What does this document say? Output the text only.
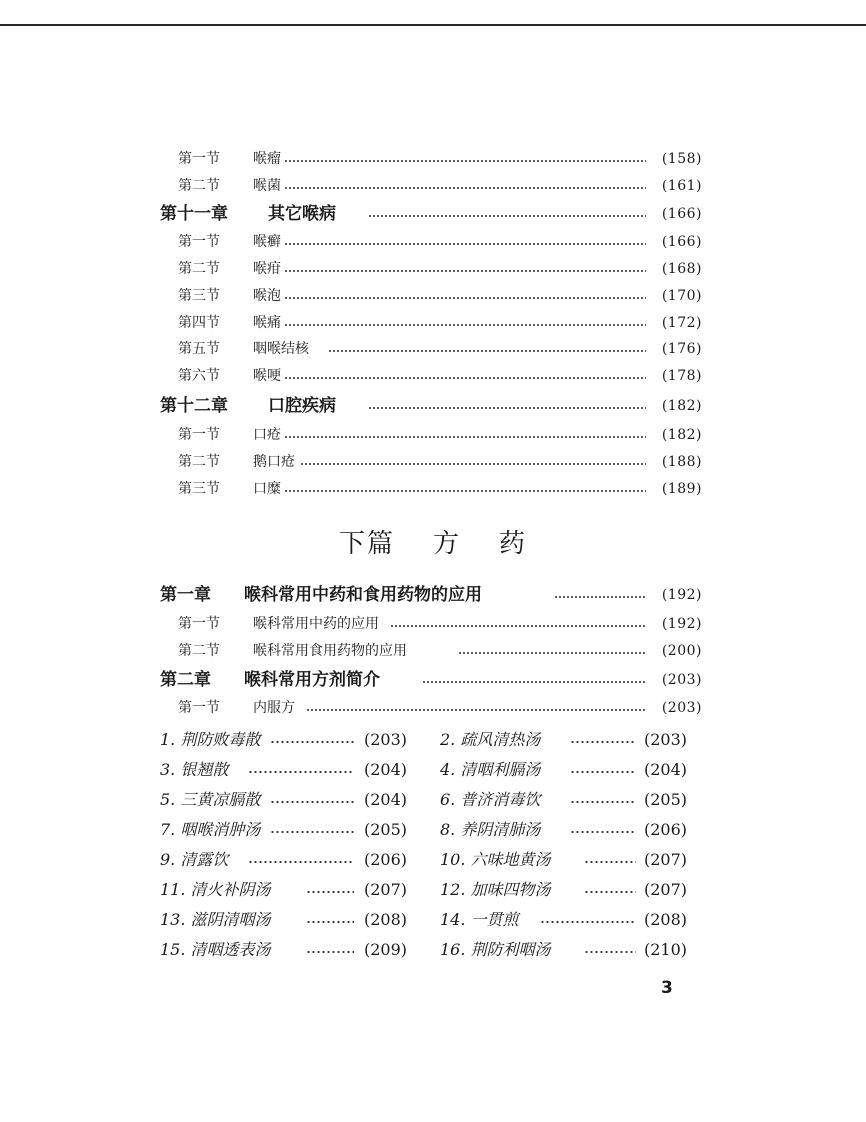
第一节 喉瘤	(158)
第二节 喉菌	(161)
第十一章 其它喉病	(166)
第一节 喉癣	(166)
第二节 喉疳	(168)
第三节 喉泡	(170)
第四节 喉痛	(172)
第五节 咽喉结核	(176)
第六节 喉哽	(178)
第十二章 口腔疾病	(182)
第一节 口疮	(182)
第二节 鹅口疮	(188)
第三节 口糜	(189)
下篇 方 药
第一章 喉科常用中药和食用药物的应用	(192)
第一节 喉科常用中药的应用	(192)
第二节 喉科常用食用药物的应用	(200)
第二章 喉科常用方剂简介	(203)
第一节 内服方	(203)
1. 荆防败毒散	(203) 2. 疏风清热汤	(203)
3. 银翘散	(204) 4. 清咽利膈汤	(204)
5. 三黄凉膈散	(204) 6. 普济消毒饮	(205)
7. 咽喉消肿汤	(205) 8. 养阴清肺汤	(206)
9. 清露饮	(206) 10. 六味地黄汤	(207)
11. 清火补阴汤	(207) 12. 加味四物汤	(207)
13. 滋阴清咽汤	(208) 14. 一贯煎	(208)
15. 清咽透表汤	(209) 16. 荆防利咽汤	(210)
3
